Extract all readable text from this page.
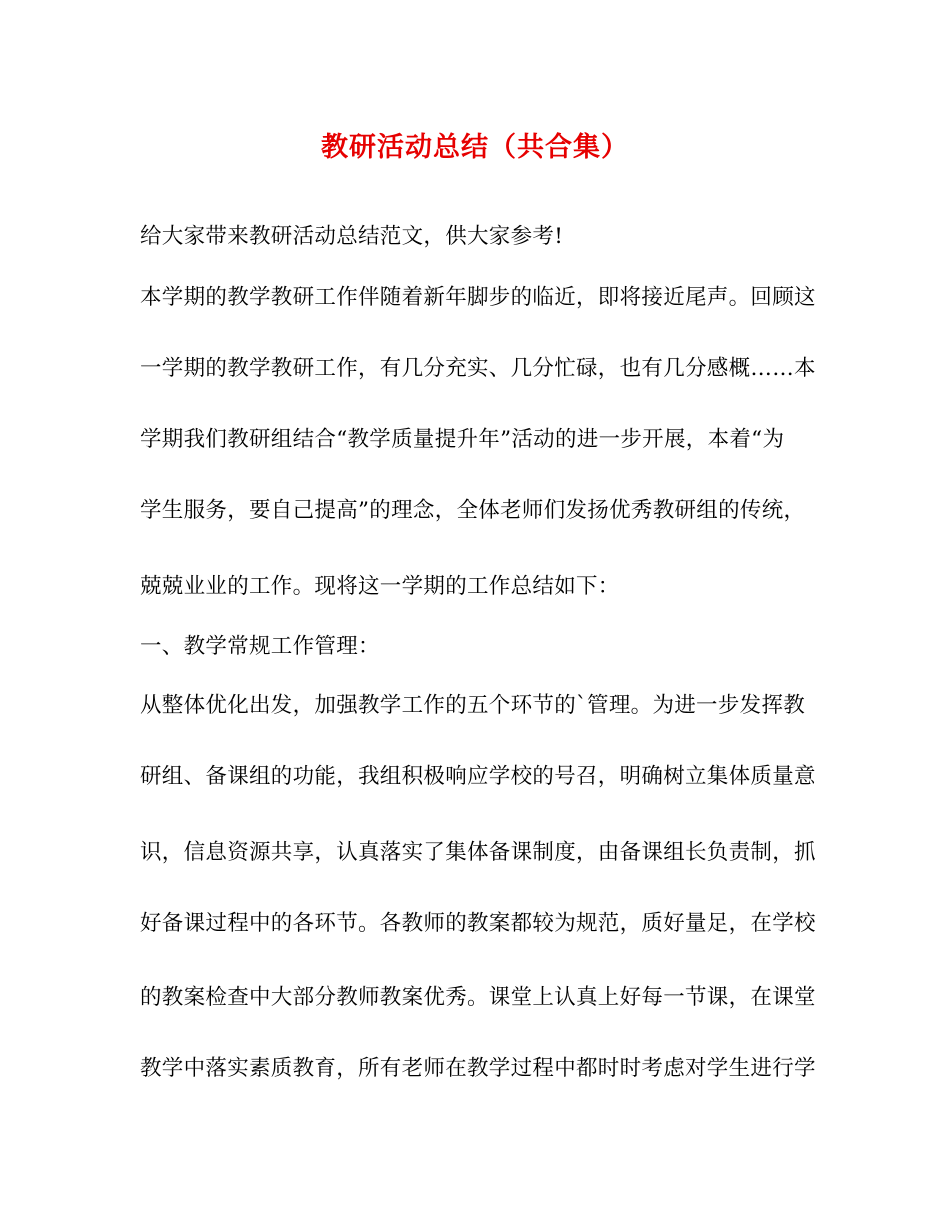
教研活动总结（共合集）
给大家带来教研活动总结范文，供大家参考!
本学期的教学教研工作伴随着新年脚步的临近，即将接近尾声。回顾这
一学期的教学教研工作，有几分充实、几分忙碌，也有几分感概……本
学期我们教研组结合“教学质量提升年”活动的进一步开展，本着“为
学生服务，要自己提高”的理念，全体老师们发扬优秀教研组的传统，
兢兢业业的工作。现将这一学期的工作总结如下：
一、教学常规工作管理：
从整体优化出发，加强教学工作的五个环节的`管理。为进一步发挥教
研组、备课组的功能，我组积极响应学校的号召，明确树立集体质量意
识，信息资源共享，认真落实了集体备课制度，由备课组长负责制，抓
好备课过程中的各环节。各教师的教案都较为规范，质好量足，在学校
的教案检查中大部分教师教案优秀。课堂上认真上好每一节课，在课堂
教学中落实素质教育，所有老师在教学过程中都时时考虑对学生进行学
